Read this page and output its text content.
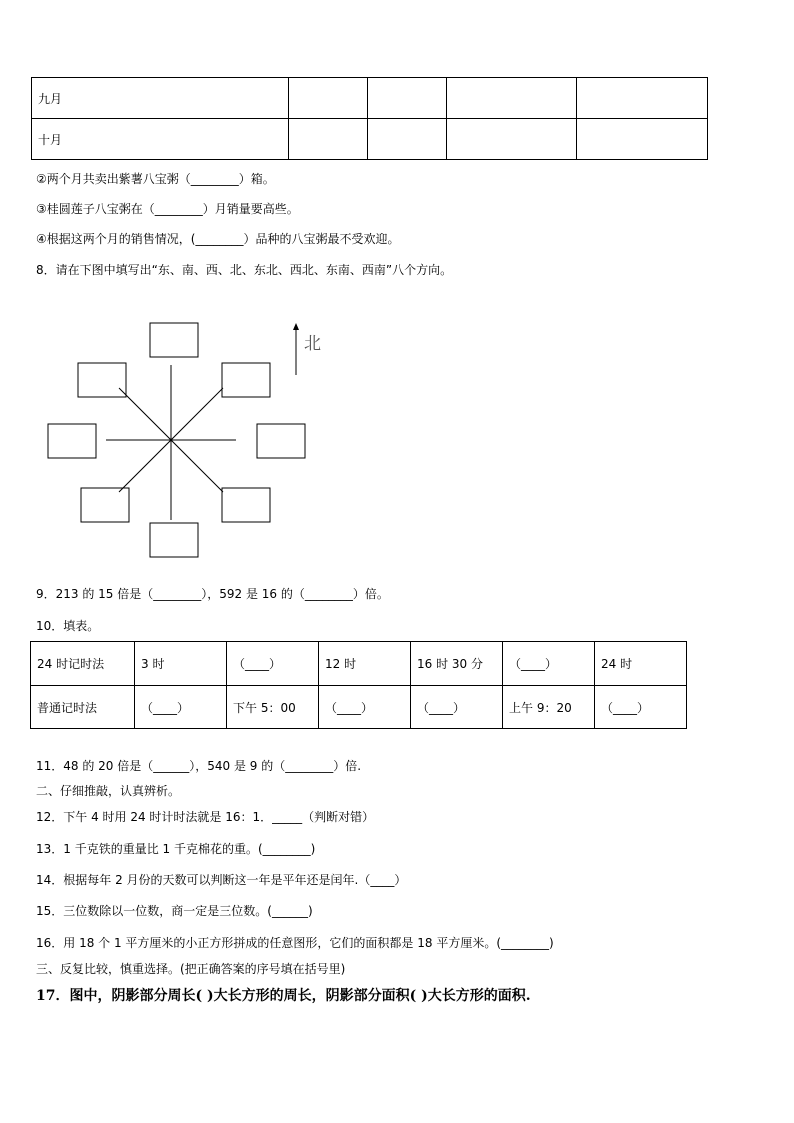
九月				
十月				
②两个月共卖出紫薯八宝粥（________）箱。
③桂圆莲子八宝粥在（________）月销量要高些。
④根据这两个月的销售情况，(________）品种的八宝粥最不受欢迎。
8．请在下图中填写出“东、南、西、北、东北、西北、东南、西南”八个方向。
北
9．213 的 15 倍是（________），592 是 16 的（________）倍。
10．填表。
24 时记时法	3 时	（____）	12 时	16 时 30 分	（____）	24 时
普通记时法	（____）	下午 5：00	（____）	（____）	上午 9：20	（____）
11．48 的 20 倍是（______），540 是 9 的（________）倍.
二、仔细推敲，认真辨析。
12．下午 4 时用 24 时计时法就是 16：1．_____（判断对错）
13．1 千克铁的重量比 1 千克棉花的重。(________)
14．根据每年 2 月份的天数可以判断这一年是平年还是闰年.（____）
15．三位数除以一位数，商一定是三位数。(______)
16．用 18 个 1 平方厘米的小正方形拼成的任意图形，它们的面积都是 18 平方厘米。(________)
三、反复比较，慎重选择。(把正确答案的序号填在括号里)
17．图中，阴影部分周长( )大长方形的周长，阴影部分面积( )大长方形的面积.
